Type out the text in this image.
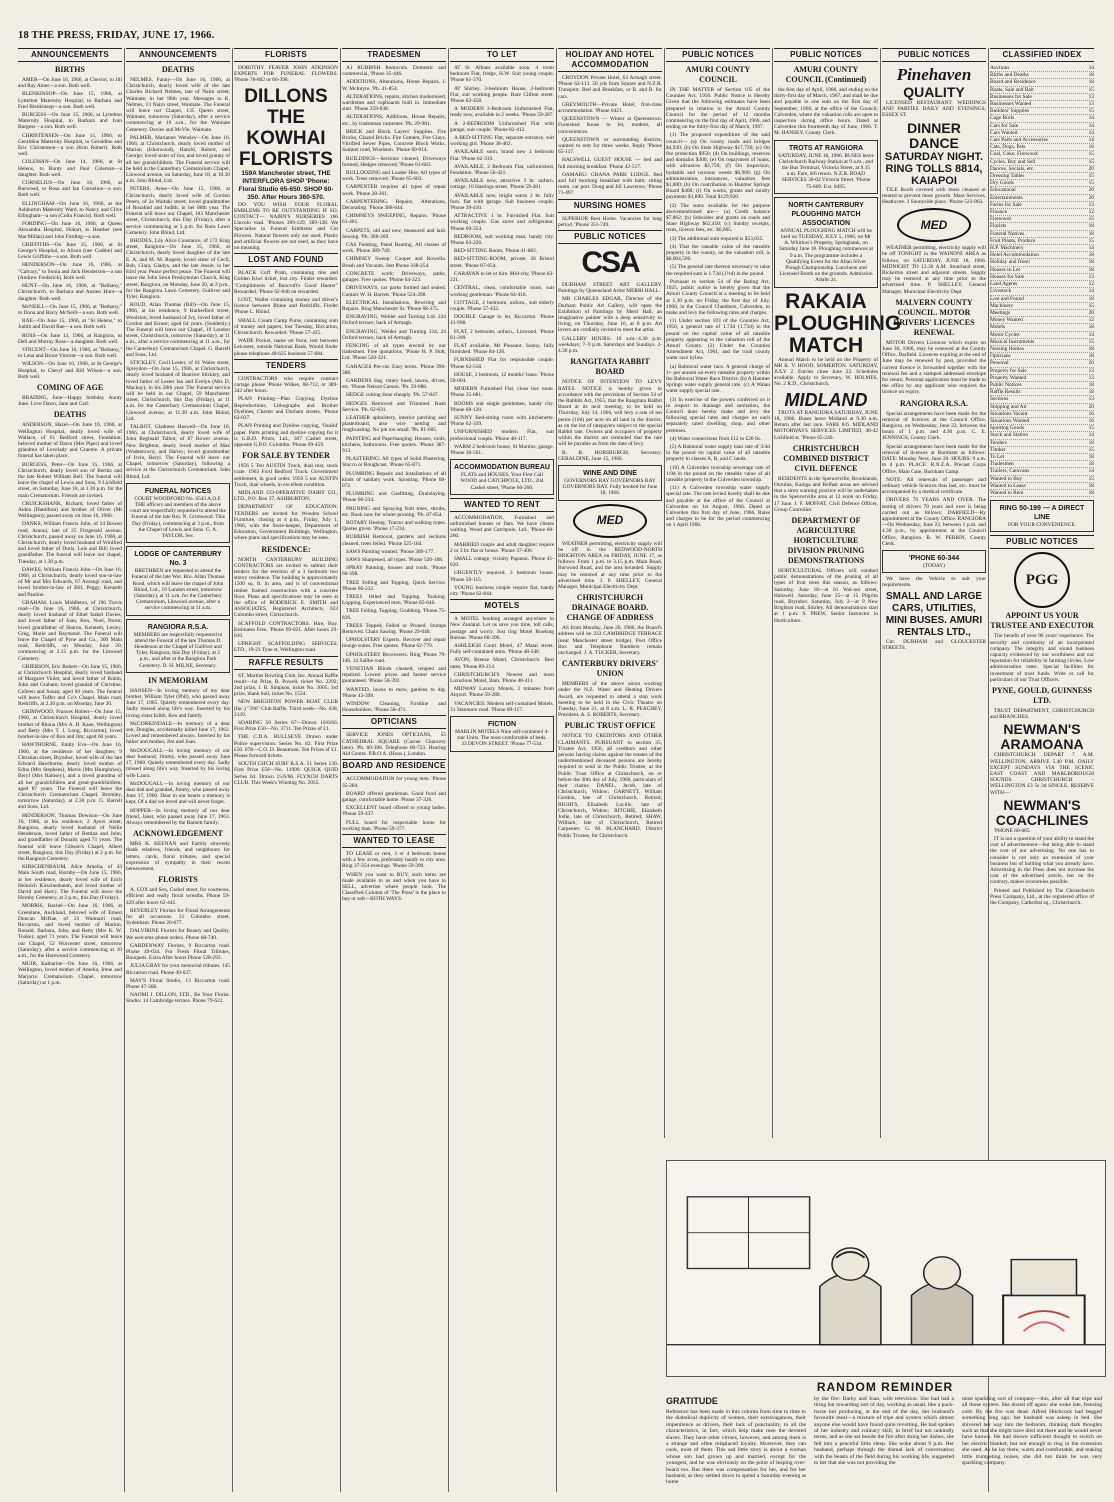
18 THE PRESS, FRIDAY, JUNE 17, 1966.
ANNOUNCEMENTS
BIRTHS
AMER—On June 16, 1966, at Cheviot, to Jill and Ray Amer—a son. Both well.
BLENKINSOP—On June 15, 1966, at Lyttelton Maternity Hospital, to Barbara and Fred Blenkinsop—a son. Both well.
BURGESS—On June 15, 1966, at Lyttelton Maternity Hospital, to Barbara and Ivan Burgess—a son. Both well.
CHRISTENSEN—On June 15, 1966, to Geraldine Maternity Hospital, to Geraldine and Eric Christensen—a son (Kim Robert). Both well.
COLEMAN—On June 14, 1966, at St Helens, to Bunty and Paul Coleman—a daughter. Both well.
CORNELIUS—On June 16, 1966, at Burwood, to Rosa and Ian Cornelius—a son. Both well.
ELLINGHAM—On June 16, 1966, at the Ashburton Maternity Ward, to Nancy and Clive Ellingham—a son (Colin Francis). Both well.
FORDING—On June 16, 1966, at Queen Alexandra Hospital, Hobart, to Heather (nee MacMillan) and John Fording—a son.
GRIFFITHS—On June 15, 1966, at St George's Hospital, to Alison (nee Crabbe) and Lewis Griffiths—a son. Both well.
HENDERSON—On June 16, 1966, at "Calvary," to Sonia and Jack Henderson—a son (Andrew Frederick). Both well.
HUNT—On June 16, 1966, at "Bethany," Christchurch, to Barbara and Austen Hunt—a daughter. Both well.
McNEILL—On June 15, 1966, at "Bethany," to Dona and Barry McNeill—a son. Both well.
RAE—On June 15, 1966, at "St Helens," to Judith and David Rae—a son. Both well.
ROSS—On June 13, 1966, at Rangiora, to Dell and Murray Ross—a daughter. Both well.
VINCENT—On June 16, 1966, at "Bethany," to Lena and Bruce Vincent—a son. Both well.
WILSON—On June 16, 1966, at St George's Hospital, to Cheryl and Bill Wilson—a son. Both well.
COMING OF AGE
BRADING, June—Happy birthday Aunty June. Love Dawn, Jane and Carl.
DEATHS
ANDERSON, Hazel—On June 16, 1966, at Wellington Hospital, dearly loved wife of Wallace, of 61 Bedford street, Fendalton; beloved mother of Dawn (Mrs Piper) and loved grandma of Lovelady and Graeme. A private funeral has taken place.
BURGESS, Peter—On June 15, 1966, at Christchurch, dearly loved son of Bertha and the late Robert William Bell. The funeral will leave the chapel of Lewis and Sons, 9 Lichfield street, on Saturday, June 18, at 1.30 p.m. for the main Crematorium. Friends are invited.
CRUICKSHANK, Richard, loved father of Aiden (Hamilton) and brother of Oliver (Mt Wellington); passed away on June 16, 1966.
DANKS, William Francis John, of 24 Bowen road, Aranui, late of 25 Fitzgerald avenue, Christchurch; passed away on June 16, 1966, at Christchurch, dearly loved husband of Winifred and loved father of Doris, Lois and Bill; loved grandfather. The funeral will leave our chapel, Tuesday, at 1.30 p.m.
DAWES, William Francis John—On June 16, 1966, at Christchurch, dearly loved son-in-law of Mr and Mrs Edwards, 67 Aorangi road, and loved brother-in-law of Bill, Peggy, Kenneth and Pauline.
GRAHAM, Louis Middleton, of 196 Travis road—On June 16, 1966, at Christchurch, dearly loved husband of Ethel Isabel Davies, and loved father of Joan, Ken, Noel, Norm; loved grandfather of Sharon, Kenneth, Lesley, Greg, Marie and Raymond. The Funeral will leave the Chapel of Pyne and Co., 300 Main road, Redcliffs, on Monday, June 20, commencing at 2.15 p.m. for the Linwood Cemetery.
GRIERSON, Eric Robert—On June 15, 1966, at Christchurch Hospital, dearly loved husband of Margaret Violet, and loved father of Robin, John and Graham; loved grandad of Christine, Colleen and Susan; aged 60 years. The funeral will leave Tuffer and Co's Chapel, Main road, Redcliffs, at 2.30 p.m. on Monday, June 20.
GRIMWOOD, Frances Robert—On June 15, 1966, at Christchurch Hospital, dearly loved brother of Rhona (Mrs A. D. Kane, Wellington) and Betty (Mrs T. J. Long, Riccarton), loved brother-in-law of Ron and Jim; aged 60 years.
HAWTHORNE, Emily Eva—On June 16, 1966, at the residence of her daughter, 9 Christian street, Bryndwr, loved wife of the late Edward Hawthorne, dearly loved mother of Edna (Mrs Stephens), Mavis (Mrs Humphries), Beryl (Mrs Ramsey), and a loved grandma of all her grandchildren and great-grandchildren; aged 87 years. The Funeral will leave the Christchurch Crematorium Chapel, Bromley, tomorrow (Saturday), at 2.30 p.m. G. Barrell and Sons, Ltd.
HENDERSON, Thomas Dewison—On June 16, 1966, at his residence, 2 Ayers street, Rangiora, dearly loved husband of Nellie Henderson, loved father of Bettina and John, and grandfather of Donald; aged 71 years. The funeral will leave Gibson's Chapel, Albert street, Rangiora, this Day (Friday) at 2 p.m. for the Rangiora Cemetery.
KIRSCHENBAUM, Alice Amelia, of 43 Main South road, Hornby—On June 15, 1966, at her residence, dearly loved wife of Erich Heinrich Kirschenbaum, and loved mother of David and Harry. The Funeral will leave the Hornby Cemetery, at 2 p.m., this Day (Friday).
MORRIS, Rachel—On June 16, 1966, at Greenlane, Auckland, beloved wife of Ernest Duncan McRae, of 21 Waimairi road, Riccarton, and loved mother of Marion, Ronald, Barbara, John, and Betty (Mrs K. W. Tooke); aged 71 years. The Funeral will leave our Chapel, 52 Worcester street, tomorrow (Saturday), after a service commencing at 10 a.m., for the Harewood Cemetery.
MUIR, Katharine—On June 16, 1966, at Wellington, loved mother of Amelia, Irene and Marjorie. Crematorium Chapel, tomorrow (Saturday) at 1 p.m.
ANNOUNCEMENTS
DEATHS
NELMES, Fanny—On June 16, 1966, at Christchurch, dearly loved wife of the late Charles Richard Nelmes, late of Nairn street, Waimate; in her 90th year. Messages to K. Nelmes, 13 Nairn street, Waimate. The Funeral will leave our Chapel, 135 Queen street, Waimate, tomorrow (Saturday), after a service commencing at 10 a.m., for the Waimate Cemetery. Davies and McVie, Waimate.
PALMER, Marianne Wensley—On June 16, 1966, at Christchurch, dearly loved mother of Marion (Isherwood), Harold, Robert, and George; loved sister of Jon, and loved granny of all her grandchildren. The Funeral service will be held in the Canterbury Crematorium Chapel, Linwood avenue, on Saturday, June 18, at 10.30 a.m. John Rhind, Ltd.
PETERS, Anne—On June 15, 1966, at Christchurch, dearly loved wife of Gordon Peters, of 2a Waitaki street; loved grandmother of Rosalind and Judith; in her 88th year. The Funeral will leave our Chapel, 183 Manchester street, Christchurch, this Day (Friday), after a service commencing at 3 p.m. for Ruru Lawn Cemetery. John Rhind, Ltd.
RHODES, Lily Alice Constance, of 172 King street, Rangiora—On June 15, 1966, at Christchurch, dearly loved daughter of the late E. A. and M. M. Rogers; loved sister of Cecil, Bob, Clara, Gladys, and the late Jessie; in her 83rd year. Peace perfect peace. The Funeral will leave the John Stout Presbyterian Church, King street, Rangiora, on Monday, June 20, at 2 p.m., for the Rangiora Lawn Cemetery. Gulliver and Tyler, Rangiora.
ROUD, Allan Thomas (Bill)—On June 15, 1966, at his residence, 9 Rutherford street, Woolston, loved husband of Ivy, loved father of Gordon and Ernest; aged 64 years. (Suddenly.) The Funeral will leave our Chapel, 19 London street, Christchurch, tomorrow (Saturday), at 11 a.m., after a service commencing at 11 a.m., for the Canterbury Crematorium Chapel. G. Barrell and Sons, Ltd.
STICKLEY, Cecil Lester, of 61 Wales street, Spreydon—On June 15, 1966, at Christchurch, dearly loved husband of Beatrice Stickley, and loved father of Lester Ian and Evelyn (Mrs D. Mackay); in his 58th year. The Funeral service will be held in our Chapel, 59 Manchester street, Christchurch, this Day (Friday), at 11 a.m. for the Canterbury Crematorium Chapel, Linwood avenue, at 11.30 a.m. John Rhind, Ltd.
TALBOT, Gladness Haswell—On June 16, 1966, at Christchurch, dearly loved wife of John Reginald Talbot, of 87 Bower avenue, New Brighton; dearly loved mother of Max (Wadestown), and Harley; loved grandmother of Irvin, Beryl. The Funeral will leave our Chapel, tomorrow (Saturday), following a service at the Christchurch Crematorium. John Rhind, Ltd.
FUNERAL NOTICES
COURT WOODFORD No. 6543 A.O.F. THE officers and members of the above court are respectfully requested to attend the Funeral of the late Bro. N. Grimwood. This Day (Friday), commencing at 3 p.m., from the Chapel of Lewis and Sons. G. A. TAYLOR, Sec.
LODGE OF CANTERBURY No. 3
BRETHREN are requested to attend the Funeral of the late Wor. Bro. Allan Thomas Roud, which will leave the chapel of John Rhind, Ltd., 19 London street, tomorrow (Saturday), at 11 a.m. for the Canterbury Crematorium, Linwood avenue, after a service commencing at 11 a.m.
RANGIORA R.S.A.
MEMBERS are respectfully requested to attend the Funeral of the late Thomas D. Henderson at the Chapel of Gulliver and Tyler, Rangiora, this Day (Friday), at 2 p.m., and after at the Rangiora Park Cemetery. D. H. MILNE, Secretary.
IN MEMORIAM
HANSEN—In loving memory of my dear brother, William Tyler (Phil), who passed away June 17, 1965. Quietly remembered every day. Sadly missed along life's way. Inserted by his loving sister Edith, Ken and family.
McCORKINDALE—In memory of a dear son, Douglas, accidentally killed June 17, 1962. Loved and remembered always. Inserted by his father and mother, Jim and Joan.
McDOUGALL—In loving memory of our dear husband, Jimmy, who passed away June 17, 1960. Quietly remembered every day. Sadly missed along life's way. Inserted by his loving wife Laura.
McDOUGALL—In loving memory of our dear dad and grandad, Jimmy, who passed away June 17, 1960. Dear in our hearts a memory is kept, Of a dad we loved and will never forget.
HOPPER—In loving memory of our dear friend, Janet, who passed away June 17, 1963. Always remembered by the Barnett family.
ACKNOWLEDGEMENT
MRS K. KEENAN and Family sincerely thank relatives, friends, and neighbours for letters, cards, floral tributes, and special expression of sympathy in their recent bereavement.
FLORISTS
A. COX and Son, Cashel street, for courteous, efficient and really floral wreaths. Phone 59-429 after hours 62-445.
BEVERLEY Florists for Floral Arrangements for all occasions. 21 Colombo street, Sydenham. Phone 20-677.
DALVIRINE Florists for Beauty and Quality. We welcome phone orders. Phone 68-740.
GARDENWAY Florists, 9 Riccarton road. Phone 49-634. For Fresh Floral Tributes, Bouquets. Extra After hours Phone 528-293.
JULIA GRAY for your memorial tributes. 145 Riccarton road. Phone 49-637.
MAY'S Floral Studio, 13 Riccarton road. Phone 47-368.
NAOMI J. DILLON, LTD., Be Your Florist. Studio: 14 Cambridge terrace. Phone 79-622.
FLORISTS
DOROTHY FEAVER JOHN ATKINSON EXPERTS FOR FUNERAL FLOWERS. 'Phone 78-802 or 66-398.
DILLONS THE KOWHAI FLORISTS
159A Manchester street, THE INTERFLORA SHOP 'Phone: Floral Studio 65-650. SHOP 60-350. After Hours 360-570.
DO YOU WISH YOUR FLORAL EMBLEMS TO BE OUTSTANDING IF SO, CONTACT— NAIRN'S NURSERIES 166 Lincoln road. 'Phones 389-129, 389-128. We Specialise in Funeral Emblems and Cut Flowers. Natural flowers only are used. Plastic and artificial flowers are not used, as they have no meaning.
LOST AND FOUND
BLACK Cuff Pram, containing tins and Golden Kiwi ticket, lost city. Finder rewarded. "Compliments of Bancroft's Good Hunter" Rewarded. 'Phone 62-846 on rewarded.
LOST, Wallet containing money and driver's licence between Rhine and Redcliffs. Finder 'Phone L. Rhind.
SMALL Cream Camp Purse, containing sum of money and papers, lost Tuesday, Riccarton, Christchurch. Rewarded. 'Phone 57-425.
WADE Pocket, name on front, lost between Leicester, outside National Bank, Would finder please telephone 48-625 business 57-684.
TENDERS
CONTRACTORS who require contract cartage please 'Phone Wilkes, 68-712, or 389-342 after hours.
PLAN Printing—Plan Copying, Dyeline Reproductions, Lithographs and Brother Dyelines, Charter and Durham streets. 'Phone 62-027.
PLAN Printing and Dyeline copying, 'Ozalid' paper. Parts printing and dyeline copying for it is G.B.D. Prints, Ltd., 307 Cashel street, opposite G.P.O. Colombo. 'Phone 69-459.
FOR SALE BY TENDER
1956 5 Ton AUSTIN Truck, dual rear, stock crate. 1963 Ford Bedford Truck. Government settlement, in good order. 1959 5 ton AUSTIN Truck, dual wheels, in excellent condition.
MIDLAND CO-OPERATIVE DAIRY CO., LTD., P.O. Box 37, ASHBURTON.
DEPARTMENT OF EDUCATION. TENDERS are invited for Wooden School Furniture, closing at 4 p.m., Friday, July 1, 1966, with the Store-keeper, Department of Education, Government Buildings, Wellington, where plans and specifications may be seen.
RESIDENCE:
NORTH CANTERBURY BUILDING CONTRACTORS are invited to submit their tenders for the erection of a 3 bedroom two storey residence. The building is approximately 1500 sq. ft. in area, and is of conventional timber framed construction with a concrete floor. Plans and specifications may be seen at the office of RODERICK E. SMITH and ASSOCIATES, Registered Architects, 623 Colombo street, Christchurch.
SCAFFOLD CONTRACTORS. Hire, Buy. Estimates Free. 'Phone 69-021. After hours 29-010.
UPRIGHT SCAFFOLDING SERVICES, LTD., 19-23 Tyne st, Wellington road.
RAFFLE RESULTS
ST. Martins Bowling Club, Inc. Annual Raffle result—1st Prize, R. Powell, ticket No. 2292; 2nd prize, J. B. Simpson, ticket No. 3005; 3rd prize, blank bull, ticket No. 1534.
NEW BRIGHTON POWER BOAT CLUB (Inc.) "396" Club Raffle. Third week—No. 638, 2139.
SOARING 50 Series 67—Drawn 16/6/66. First Prize £50—No. 3711. Ten Prizes of £1.
THE C.D.A. BULLSEYE Drawn under Police supervision. Series No. 82. First Prize £50. 678—C.O. D. Beaumont. Ten Prizes of £1. Please forward tickets.
SOUTH CH'CH SURF R.S.A. 51 Series 130. First Prize £50—No. 11990. QUICK QUID Series 64. Drawn 15/6/66. FLYNCH DARTS CLUB. This Week's Winning No. 2055.
TRADESMEN
A1 RUBBISH Removals. Domestic and commercial, 'Phone 35-446.
ADDITIONS, Alterations, Home Repairs. J. W. McIntyre. 'Ph. 41-854.
ALTERATIONS, repairs, kitchen modernised, wardrobes and cupboards built in. Immediate start. 'Phone 359-938.
ALTERATIONS, Additions, House Repairs, etc., by tradesman carpenter. 'Ph. 29-981.
BRICK and Block Layers' Supplies. Fire Bricks, Glazed Bricks. Fire Cement, Fire Clays, Vitrified Sewer Pipes, Concrete Block Works. Sumner road, Woolston. 'Phone 89-014.
BUILDINGS—Sections cleared, Driveways formed, Hedges removed, 'Phone 61-683.
BULLDOZING and Loader Hire, All types of work. Trees removed. 'Phone 65-663.
CARPENTER requires all types of repair work. 'Phone 28-261.
CARPENTERING. Repairs, Alterations, Decorating. 'Phone 388-644.
CHIMNEYS SWEEPING, Repairs. 'Phone 61-481.
CARPETS, old and new, measured and laid. Sewing. 'Ph. 368-269.
CAS Painting, Panel Beating, All classes of work. 'Phone 389-749.
CHIMNEY Sweep: Cooper and Rowella. Brush and Vacuum. Just Phone 338-254.
CONCRETE work: Driveways, paths, garages. Free quotes. 'Phone 64-323.
DRIVEWAYS, car parks formed and sealed. Contact W. H. Barrett. 'Phone 524-298.
ELECTRICAL Installations, Rewiring and Repairs. Ring Manchester St. 'Phone 68-375.
ENGRAVING, Welder and Turning Ltd. 224 Oxford terrace, back of Armagh.
ENGRAVING, Welder and Turning 124, 24 Oxford terrace, back of Armagh.
FENCING of all types erected by our tradesmen. Free quotations. 'Phone H. P. Holt, Ltd. 'Phone 520-321.
GARAGES Pre-cut. Easy terms. 'Phone 396-388.
GARDENS dug, rotary hoed, lawns, drives, etc. 'Phone Nelson Carson. 'Ph. 59-088.
HEDGE cutting done cheaply. 'Ph. 57-047.
HEDGES Removed and Trimmed. Rush Service. 'Ph. 62-631.
LEATHER upholstery, interior patching and plasterboard, also wire netting and roughcasting. No job too small. 'Ph. 81-605.
PAINTING and Paperhanging. Houses, roofs, kitchens, bathrooms. Free quotes. 'Phone 387-913.
PLASTERING: All types of Solid Plastering. Stucco or Roughcast. 'Phone 65-871.
PLUMBING Repairs and Installations of all kinds of sanitary work. Spouting. 'Phone 68-072.
PLUMBING and Gasfitting, Drainlaying. 'Phone 66-234.
PRUNING and Spraying fruit trees, shrubs, etc. Book now for winter pruning. 'Ph. 87-054.
ROTARY Hoeing. Tractor and walking types. Quotes given. 'Phone 17-234.
RUBBISH Removal, gardens and sections cleaned, trees felled. 'Phone 525-184.
SAWS Painting wanted. 'Phone 389-177.
SAWS Sharpened, all types. 'Phone 520-188.
SPRAY Painting, houses and roofs. 'Phone 66-398.
TREE Felling and Topping. Quick Service. 'Phone 66-232.
TREES felled and Topping. Tonking. Lopping, Experienced men. 'Phone 85-646.
TREE Felling, Topping, Grubbing. 'Phone 75-826.
TREES Topped, Felled or Pruned. Stumps Removed. Chain Sawing. 'Phone 29-048.
UPHOLSTERY Experts. Recover and repair lounge suites. Free quotes. 'Phone 62-779.
UPHOLSTERY Recoverers. Ring 'Phone 79-146. 12 Sallbe road.
VENETIAN Blinds cleaned, retaped and repaired. Lowest prices and fastest service guaranteed. 'Phone 58-392.
WANTED, lawns to mow, gardens to dig. 'Phone 43-398.
WINDOW Cleaning, Firstline and Householders. 'Phone 58-471.
OPTICIANS
SERVICE JONES OPTICIANS, 55 CATHEDRAL SQUARE (Corner Chancery lane). 'Ph. 60-398. Telephone 60-723. Hearing Aid Centre. P.B.O.A. (Hons.), London.
BOARD AND RESIDENCE
ACCOMMODATION for young men. 'Phone 35-284.
BOARD offered gentleman. Good food and garage, comfortable home. Phone 37-326.
EXCELLENT board offered to young ladies. 'Phone 59-437.
FULL board for respectable home for working man. 'Phone 59-377.
WANTED TO LEASE
TO LEASE or rent, 3 or 4 bedroom house with a few acres, preferably handy to city area. Ring 37-354 evenings. 'Phone 59-399.
WHEN you want to BUY, such items are made available to us and when you have to SELL, advertise where people look. The Classified Column of 'The Press' is the place to buy or sell—BOTH WAYS.
TO LET
AT St. Albans available soon. 4 room bedroom Flat, fridge, H.W. Suit young couple. 'Phone 61-370.
AT Shirley, 3-bedroom House, 2-bedroom Flat, suit working people. Rare Clifton street. 'Phone 62-458.
A MODERN 3-Bedroom Unfurnished Flat, ready now, available in 2 weeks. 'Phone 59-287.
A 2-BEDROOM Unfurnished Flat with garage, suit couple. 'Phone 82-412.
A BED-SITTING Flat, separate entrance, suit working girl. 'Phone 38-462.
AVAILABLE soon, brand new 2 bedroom Flat. 'Phone 62-319.
AVAILABLE, 2 Bedroom Flat, unfurnished, Fendalton. 'Phone 56-421.
AVAILABLE now, attractive 3 br. unfurn. cottage, 10 Hastings street. 'Phone 59-281.
AVAILABLE now, bright warm 2 br. fully furn. flat with garage. Suit business couple. 'Phone 39-410.
ATTRACTIVE 1 br. Furnished Flat. Suit working couple. Gas stove and refrigerator. 'Phone 60-354.
BEDROOM, suit working man, handy city. 'Phone 63-226.
BED-SITTING Room, 'Phone 41-882.
BED-SITTING-ROOM, private, 20 Bristol street. 'Phone 87-654.
CARAVAN to let or hire. Mid-city, 'Phone 63-221.
CENTRAL, clean, comfortable room, suit working gentleman. 'Phone 64-418.
COTTAGE, 2 bedroom, unfurn., suit elderly couple. 'Phone 57-432.
DOUBLE Garage to let, Riccarton. 'Phone 41-998.
FLAT, 2 bedroom, unfurn., Linwood. 'Phone 81-209.
FLAT available, Mt Pleasant. Sunny, fully furnished. 'Phone 84-126.
FURNISHED Flat for responsible couple. 'Phone 62-518.
HOUSE, 3 bedroom, 12 months' lease. 'Phone 59-004.
MODERN Furnished Flat, close bus route. 'Phone 35-681.
ROOMS suit single gentlemen, handy city. 'Phone 68-120.
SUNNY Bed-sitting room with kitchenette. 'Phone 62-339.
UNFURNISHED modern Flat, suit professional couple. 'Phone 40-117.
WARM 2 bedroom house, St Martins, garage. 'Phone 38-561.
ACCOMMODATION BUREAU
FLATS and HOUSES, Your First Call WOOD and CATCHPOLE, LTD., 204 Cashel street, 'Phone 60-260.
WANTED TO RENT
ACCOMMODATION, Furnished and unfurnished houses or flats. We have clients waiting. Wood and Catchpole, Ltd., 'Phone 60-260.
MARRIED couple and adult daughter require 2 or 3 br. flat or house. 'Phone 37-406.
SMALL cottage, vicinity Papanui. 'Phone 41-620.
URGENTLY required, 3 bedroom house. 'Phone 59-115.
YOUNG business couple require flat, handy city. 'Phone 62-844.
MOTELS
A MOTEL booking arranged anywhere in New Zealand. Let us save you time, toll calls, postage and worry. Just ring Motel Booking Bureau. 'Phone 60-396.
ASHLEIGH Court Motel, 47 Matai street. Fully self-contained units. 'Phone 48-348.
AVON, Breeze Motel, Christchurch. Best rates. 'Phone 89-214.
CHRISTCHURCH'S Newest and most Luxurious Motel, Ilam. 'Phone 48-411.
MIDWAY Luxury Motels, 2 minutes from Airport. 'Phone 59-288.
VACANCIES: Modern self-contained Motels. 31 Stanmore road. 'Phone 89-117.
FICTION
MARLIN MOTELS Nine self-contained 4-star Units. The most comfortable of beds. 33 DEVON STREET. 'Phone 77-534.
HOLIDAY AND HOTEL ACCOMMODATION
CROYDON Private Hotel, 63 Armagh street. 'Phone 62-113. 50 yds from Square and N.Z.R. Transport. Bed and Breakfast, or B. and B. for cars.
GREYMOUTH—Private Hotel, first-class accommodation. 'Phone 6421.
QUEENSTOWN — Winter at Queenstown. Furnished house to let, modern, all conveniences.
QUEENSTOWN or surrounding districts, wanted to rent for three weeks. Reply 'Phone 65-117.
HALSWELL GUEST HOUSE — bed and full morning breakfast. 'Phone 42-517.
OAMARU: GRANA PARK LODGE. Bed and full morning breakfast with bath; sitting room, car port. Doug and Jill Lawrence, 'Phone 71-497.
NURSING HOMES
SUPERIOR Rest Home. Vacancies for long period. 'Phone 351-749.
PUBLIC NOTICES
CSA
DURHAM STREET ART GALLERY. Paintings by Queensland Artist MERRI HALL.
MR CHARLES EDGAR, Director of the Durham Public Art Gallery, will open the Exhibition of Paintings by Merri Hall, an imaginative painter with a deep sensitivity to living, on Thursday, June 16, at 8 p.m. Art lovers are cordially invited to meet the artist.
GALLERY HOURS: 10 a.m.–4.30 p.m. weekdays; 7–9 p.m. Saturdays and Sundays. 2-4.30 p.m.
RANGITATA RABBIT BOARD
NOTICE OF INTENTION TO LEVY RATES. NOTICE is hereby given in accordance with the provisions of Section 54 of the Rabbits Act, 1955, that the Rangitata Rabbit Board at its next meeting, to be held on Thursday, July 14, 1966, will levy a rate of ten pence (10d) per acre on all land in the district, as on the list of ratepayers subject to the special Rabbit rate. Owners and occupiers of property within the district are reminded that the rate will be payable as from the date of levy.
R. B. HORSBURGH, Secretary. GERALDINE, June 15, 1966.
WINE AND DINE
GOVERNORS BAY GOVERNORS BAY GOVERNORS BAY. Fully booked for June 18, 1966.
MED
WEATHER permitting, electricity supply will be off in the REDWOOD-NORTH BRIGHTON AREA on FRIDAY, JUNE 17, as follows: From 1 p.m. to 3.15 p.m. Main Road, Burwood Road, and the area bounded. Supply may be restored at any time prior to the advertised time. J. P. SHELLEY, General Manager, Municipal Electricity Dept.
CHRISTCHURCH DRAINAGE BOARD. CHANGE OF ADDRESS
AS from Monday, June 20, 1966, the Board's address will be 233 CAMBRIDGE TERRACE (near Manchester street bridge). Post Office Box and Telephone Numbers remain unchanged. J. A. TUCKER, Secretary.
CANTERBURY DRIVERS' UNION
MEMBERS of the above union working under the N.Z. Water and Heating Drivers Award, are requested to attend a stop work meeting to be held in the Civic Theatre on Tuesday, June 21, at 8 a.m. L. R. PEACHEY, President. A. S. ROBERTS, Secretary.
PUBLIC TRUST OFFICE
NOTICE TO CREDITORS AND OTHER CLAIMANTS. PURSUANT to section 35, Trustee Act, 1956, all creditors and other persons having claims against the estates of the undermentioned deceased persons are hereby required to send in the Public Trustee, at the Public Trust Office at Christchurch, on or before the 30th day of July, 1966, particulars of their claims. DANEL, Jacob, late of Christchurch, Widow; GARNETT, William Gordon, late of Christchurch, Retired; RIGHTS, Elizabeth Lucille, late of Christchurch, Widow; RITCHIE, Elizabeth Jodie, late of Christchurch, Retired; SHAW, William, late of Christchurch, Retired Carpenter. G. M. BLANCHARD, District Public Trustee, for Christchurch.
PUBLIC NOTICES
AMURI COUNTY COUNCIL
IN THE MATTER of Section 105 of the Counties Act, 1956. Public Notice is Hereby Given that the following estimates have been prepared in relation to the Amuri County Council for the period of 12 months commencing on the first day of April, 1966, and ending on the thirty-first day of March, 1967.
(1) The proposed expenditure of the said council— (a) On county roads and bridges $4,930; (b) On State Highway $17,720; (c) On fire protection $950; (d) On buildings, reserves and domains $300; (e) On repayment of loans, with advances $2,750; (f) On inspection, hydatids and noxious weeds $6,960; (g) On administration, insurances, valuation fees $1,800; (h) On contribution to Hanmer Springs Board $400; (i) On works, grants and sundry payments $1,890. Total $129,920.
(2) The sums available for the purpose abovementioned are— (a) Credit balance $7,862; (b) Subsidies and grants on roads and State Highway $62,450; (c) Sundry receipts, rents, licence fees, etc. $6,665.
(3) The additional sum required is $53,055.
(4) That the rateable value of the rateable property in the county, on the valuation roll, is $8,604,500.
(5) The general rate thereon necessary to raise the required sum is 1.73d (1½d) in the pound.
Pursuant to section 54 of the Rating Act, 1925, public notice is hereby given that the Amuri County Council at a meeting to be held at 1.30 p.m. on Friday, the first day of July, 1966, in the Council Chambers, Culverden, to make and levy the following rates and charges.
(1) Under section 103 of the Counties Act, 1956, a general rate of 1.73d (1.73d) in the pound on the capital value of all rateable property appearing in the valuation roll of the Amuri County. (2) Under the Counties Amendment Act, 1961, and the rural county water race bylaw.
(a) Balmoral water race. A general charge of 1/- per annum on every rateable property within the Balmoral Water Race District. (b) A Hanmer Springs water supply general rate. (c) A Waiau water supply special rate.
(3) In exercise of the powers conferred on it in respect to drainage and sanitation, the Council does hereby make and levy the following special rates and charges on each separately rated dwelling, shop, and other premises.
(4) Water connections from £12 to £20 6s.
(5) A Balmoral water supply loan rate of 3/4d in the pound on capital value of all rateable property in classes A, B, and C lands.
(10) A Culverden township sewerage rate of 1/9d in the pound on the rateable value of all rateable property in the Culverden township.
(11) A Culverden township water supply special rate. The rate levied hereby shall be due and payable at the office of the Council at Culverden on 1st August, 1966. Dated at Culverden this first day of June, 1966. Rates and charges to be for the period commencing on 1 April 1966.
PUBLIC NOTICES
AMURI COUNTY COUNCIL (Continued)
the first day of April, 1966, and ending on the thirty-first day of March, 1967, and shall be due and payable in one sum on the first day of September, 1966, at the office of the Council, Culverden, where the valuation rolls are open to inspection during office hours. Dated at Culverden this fourteenth day of June, 1966. T. M. HANSEY, County Clerk.
TROTS AT RANGIORA
SATURDAY, JUNE 18, 1966. BUSES leave Christchurch Railway Station at 9 a.m., and the Bus Terminal, Victoria Street, at 9.15 a.m. Fare, 8/6 return. N.Z.R. ROAD SERVICES 30-02 Victoria Street. 'Phone 75-669. Ext. 8495.
NORTH CANTERBURY PLOUGHING MATCH ASSOCIATION
ANNUAL PLOUGHING MATCH will be held on TUESDAY, JULY 5, 1966, on Mr A. Whitlow's Property, Springbank, on Saturday June 18. Ploughing commences at 9 a.m. The programme includes a Qualifying Event for the Allan Silver Plough Championship. Luncheon and Licensed Booth on the grounds. Admission Adults 2s.
RAKAIA PLOUGHING MATCH
Annual Match to be held on the Property of MR K. V. HOOD, SOMERTON. SATURDAY, JULY 2. Entries close June 22. Schedules available. Apply to Secretary, W. HOLMES, No. 2 R.D., Christchurch.
MIDLAND
TROTS AT RANGIORA SATURDAY, JUNE 18, 1966. Buses leave Midland at 9.30 a.m. Return after last race. FARE 8/6. MIDLAND MOTORWAYS SERVICES LIMITED, 48-42 Lichfield st. 'Phone 65-240.
CHRISTCHURCH COMBINED DISTRICT CIVIL DEFENCE
RESIDENTS in the Spencerville, Brooklands, Ouruhia, Kainga and Belfast areas are advised that a siren warning practice will be undertaken in the Spencerville area at 12 noon on Friday, 17 June. J. F. MOFFAT, Civil Defence Officer, Group Controller.
DEPARTMENT OF AGRICULTURE HORTICULTURE DIVISION PRUNING DEMONSTRATIONS
HORTICULTURAL Officers will conduct public demonstrations of the pruning of all types of fruit trees this season, as follows: Saturday, June 18—at 61 Wai-nui street, Halswell. Saturday, June 25—at 15 Pilgrim road, Bryndwr. Saturday, July 2—at 9 New Brighton road, Shirley. All demonstrations start at 1 p.m. S. PREW, Senior Instructor in Horticulture.
PUBLIC NOTICES
Pinehaven
QUALITY
LICENSED RESTAURANT. WEDDINGS AND PARTIES DAILY AND EVENINGS, ESSEX ST.
DINNER DANCE
SATURDAY NIGHT. RING TOLLS 8814, KAIAPOI
TILE Roofs covered with moss cleaned or treated to prevent moss growth. Mass Services, Heathcote. 3 Sunnyside place. 'Phone 523-963.
MED
WEATHER permitting, electricity supply will be off TONIGHT in the WAINONI AREA as follows, on SATURDAY, JUNE 18, 1966. MIDNIGHT TO 12.30 A.M. Stourland street, Bickerton street and adjacent streets. Supply may be restored at any time prior to the advertised time. P. SHELLEY, General Manager, Municipal Electricity Dept.
MALVERN COUNTY COUNCIL. MOTOR DRIVERS' LICENCES RENEWAL
MOTOR Drivers Licences which expire on June 30, 1966, may be renewed at the County Office, Darfield. Licences expiring at the end of June may be renewed by post, provided the current licence is forwarded together with the renewal fee and a stamped addressed envelope for return. Personal application must be made to the office by any applicant who requires the licence on expiry.
RANGIORA R.S.A.
Special arrangements have been made for the removal of licences at the Council Office, Rangiora, on Wednesday, June 22, between the hours of 1 p.m. and 4.30 p.m. C. E. JENNINGS, County Clerk.
Special arrangements have been made for the removal of licences at Burnham as follows: DATE: Monday Next, June 20. HOURS: 9 a.m. to 4 p.m. PLACE: R.N.Z.A. Precast Corps Office, Main Gate, Burnham Camp.
NOTE: All renewals of passenger and ordinary vehicle licences thus last, etc. must be accompanied by a medical certificate.
DRIVERS 70 YEARS AND OVER. The testing of drivers 70 years and over is being carried out as follows: DARFIELD—By appointment at the County Office. RANGIORA—On Wednesday, June 22, between 1 p.m. and 4.30 p.m., by appointment at the Council Office, Rangiora. B. W. PERRIN, County Clerk.
'PHONE 60-344
(TODAY)
We have the Vehicle to suit your requirements.
SMALL AND LARGE CARS, UTILITIES, MINI BUSES. AMURI RENTALS LTD.,
Cnr. DURHAM and GLOUCESTER STREETS.
CLASSIFIED INDEX
Auctions	14
Births and Deaths	18
Board and Residence	18
Boats, Sale and Bait	15
Businesses for Sale	13
Businesses Wanted	13
Builders' Supplies	15
Cage Birds	14
Cars for Sale	14
Cars Wanted	14
Cars Parts and Accessories	14
Cats, Dogs, Pets	16
Coal, Coke, Firewood	15
Cycles, Buy and Sell	15
Dances, Socials, etc.	20
Dressing Tables	15
Dry Goods	15
Educational	20
Entertainments	20
Farms for Sale	13
Finance	12
Firewood	15
Florists	18
Funeral Notices	18
Fruit Plants, Produce	15
H.P. Machinery	14
Hotel Accommodation	18
Holiday and Hotel	18
Houses to Let	18
Houses for Sale	13
Land Agents	12
Livestock	14
Lost and Found	18
Machinery	15
Meetings	20
Money Wanted	12
Motels	18
Motor Cycles	14
Musical Instruments	15
Nursing Homes	18
Opticians	18
Personal	20
Property for Sale	13
Property Wanted	13
Public Notices	18
Raffle Results	18
Sections	13
Shipping and Air	20
Situations Vacant	16
Situations Wanted	16
Sporting Goods	15
Stock and Station	14
Tenders	18
Timber	15
To Let	18
Tradesmen	18
Trailers, Caravans	14
Wanted to Buy	15
Wanted to Lease	18
Wanted to Rent	18
RING 50-199 — A DIRECT LINE
FOR YOUR CONVENIENCE.
PUBLIC NOTICES
PGG
APPOINT US YOUR TRUSTEE AND EXECUTOR
The benefit of over 90 years' experience. The security and continuity of an incorporated company. The integrity and sound business capacity evidenced by our worthiness and our reputation for reliability in farming circles. Low administration rates. Special facilities for investment of trust funds. Write or call for particulars of our Trust Officers.
PYNE, GOULD, GUINNESS LTD.
TRUST DEPARTMENT, CHRISTCHURCH and BRANCHES.
NEWMAN'S
ARAMOANA
CHRISTCHURCH DEPART 7 A.M. WELLINGTON, ARRIVE 5.40 P.M. DAILY EXCEPT SUNDAYS VIA THE SCENIC EAST COAST AND MARLBOROUGH SOUNDS CHRISTCHURCH - WELLINGTON £3 5s 3d SINGLE. RESERVE WITH—
NEWMAN'S COACHLINES
'PHONE 60-685.
IT is not a question of your ability to stand the cost of advertisement—but being able to stand the cost of not advertising. No one has to consider is not only an extension of your business but of holding what you already have. Advertising in the Press does not increase the cost of the advertised article, but on the contrary, makes economies possible.
Printed and Published by The Christchurch Press Company, Ltd., at the registered office of the Company, Cathedral sq., Christchurch.
RANDOM REMINDER
GRATITUDE
Reference has been made in this column from time to time to the diabolical duplicity of women, their extravagances, their impenitence as drivers, their lack of punctuality, to all the characteristics, in fact, which help make men the devoted slaves. They have other virtues, however, and among them is a strange and often misplaced loyalty. Moreover, they can cook, most of them. This sad little story is about a woman whose son had grown up and married, except for the youngest, and he was obviously on the point of leaping over-board too. But there was compensation for her, and for her husband, as they settled down to spend a Saturday evening at home
by the fire: Darby and Joan, with television. She had had a tiring but rewarding sort of day, working as usual, like a pack-horse but producing, at the end of the day, her husband's favourite meal—a mixture of tripe and oysters which almost anyone else would have found quite revolting. He had spoken of her industry and culinary skill, in brief but not unkindly terms, and as she sat beside the fire after doing her dishes, she fell into a peaceful little sleep. She woke about 9 p.m. Her husband, perhaps through the dismal lack of conversation with the beasts of the field during his working life, suggested to her that she was not providing the
most sparkling sort of company—this, after all that tripe and all those oysters. She dozed off again: she woke late, freezing cold. By the fire was dead. Alfred Hitchcock had begged something long ago; her husband was asleep in bed. She shivered her way into the bedroom, thinking dark thoughts such as that she might have died out there and he would never have known. He had shown sufficient thought to switch on her electric blanket; but not enough to ring in the extension she used. As he lay there, warm and comfortable, and making little trumpeting noises, she did not think he was very sparkling company.
